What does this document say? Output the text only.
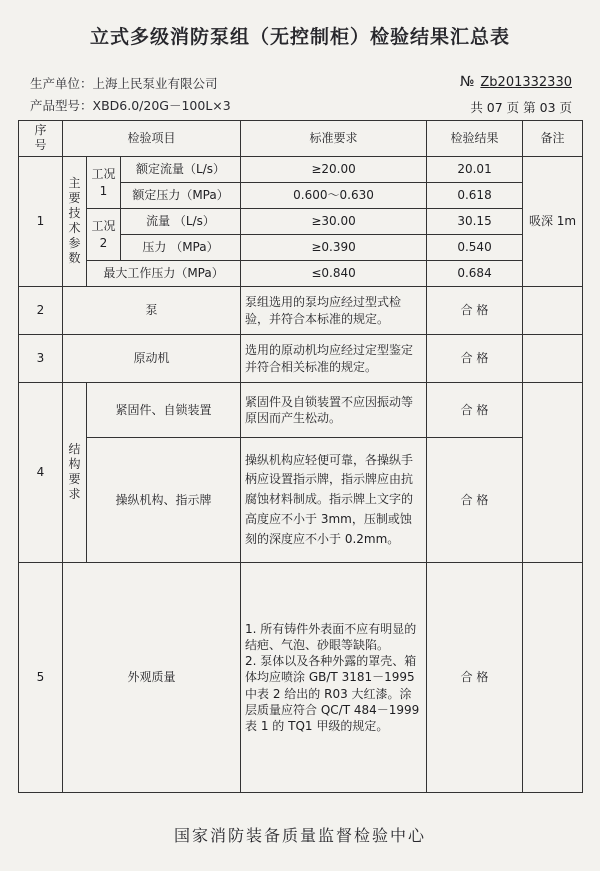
立式多级消防泵组（无控制柜）检验结果汇总表
生产单位：上海上民泵业有限公司
产品型号：XBD6.0/20G－100L×3
№ Zb201332330
共 07 页 第 03 页
序号	检验项目			标准要求	检验结果	备注
1	主要技术参数	工况 1	额定流量（L/s）	≥20.00	20.01	吸深 1m
			额定压力（MPa）	0.600～0.630	0.618	
		工况 2	流量 （L/s）	≥30.00	30.15	
			压力 （MPa）	≥0.390	0.540	
		最大工作压力（MPa）		≤0.840	0.684	
2	泵			泵组选用的泵均应经过型式检验，并符合本标准的规定。	合 格	
3	原动机			选用的原动机均应经过定型鉴定并符合相关标准的规定。	合 格	
4	结构要求	紧固件、自锁装置		紧固件及自锁装置不应因振动等原因而产生松动。	合 格	
		操纵机构、指示牌		操纵机构应轻便可靠，各操纵手柄应设置指示牌，指示牌应由抗腐蚀材料制成。指示牌上文字的高度应不小于 3mm，压制或蚀刻的深度应不小于 0.2mm。	合 格	
5	外观质量			1. 所有铸件外表面不应有明显的结疤、气泡、砂眼等缺陷。
2. 泵体以及各种外露的罩壳、箱体均应喷涂 GB/T 3181－1995 中表 2 给出的 R03 大红漆。涂层质量应符合 QC/T 484－1999 表 1 的 TQ1 甲级的规定。	合 格	
国家消防装备质量监督检验中心
